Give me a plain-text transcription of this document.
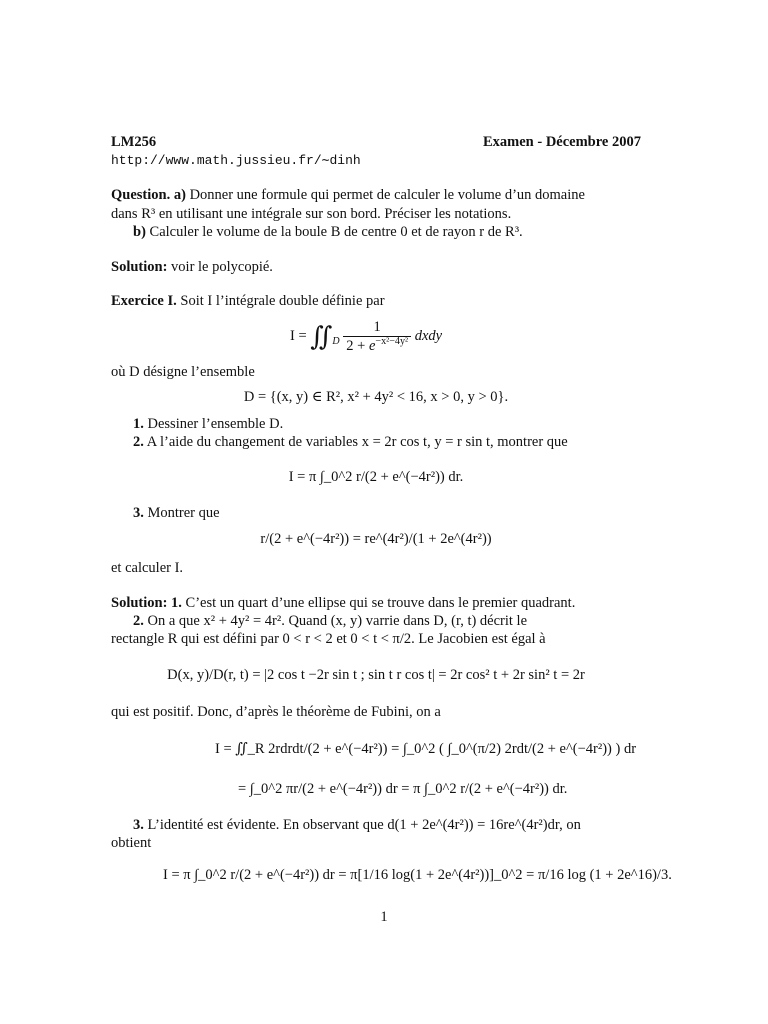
LM256	Examen - Décembre 2007
http://www.math.jussieu.fr/∼dinh
Question. a) Donner une formule qui permet de calculer le volume d’un domaine
dans R³ en utilisant une intégrale sur son bord. Préciser les notations.
b) Calculer le volume de la boule B de centre 0 et de rayon r de R³.
Solution: voir le polycopié.
Exercice I. Soit I l’intégrale double définie par
$I = ∬_D \frac{1}{2 + e^{-x^2-4y^2}}$ dxdy
où D désigne l’ensemble
D = {(x, y) ∈ R², x² + 4y² < 16, x > 0, y > 0}.
1. Dessiner l’ensemble D.
2. A l’aide du changement de variables x = 2r cos t, y = r sin t, montrer que
I = π ∫_0^2 r/(2 + e^(−4r²)) dr.
3. Montrer que
r/(2 + e^(−4r²)) = re^(4r²)/(1 + 2e^(4r²))
et calculer I.
Solution: 1. C’est un quart d’une ellipse qui se trouve dans le premier quadrant.
2. On a que x² + 4y² = 4r². Quand (x, y) varrie dans D, (r, t) décrit le
rectangle R qui est défini par 0 < r < 2 et 0 < t < π/2. Le Jacobien est égal à
D(x, y)/D(r, t) = |2 cos t −2r sin t ; sin t r cos t| = 2r cos² t + 2r sin² t = 2r
qui est positif. Donc, d’après le théorème de Fubini, on a
I = ∬_R 2rdrdt/(2 + e^(−4r²)) = ∫_0^2 ( ∫_0^(π/2) 2rdt/(2 + e^(−4r²)) ) dr
= ∫_0^2 πr/(2 + e^(−4r²)) dr = π ∫_0^2 r/(2 + e^(−4r²)) dr.
3. L’identité est évidente. En observant que d(1 + 2e^(4r²)) = 16re^(4r²)dr, on
obtient
I = π ∫_0^2 r/(2 + e^(−4r²)) dr = π[1/16 log(1 + 2e^(4r²))]_0^2 = π/16 log (1 + 2e^16)/3.
1
